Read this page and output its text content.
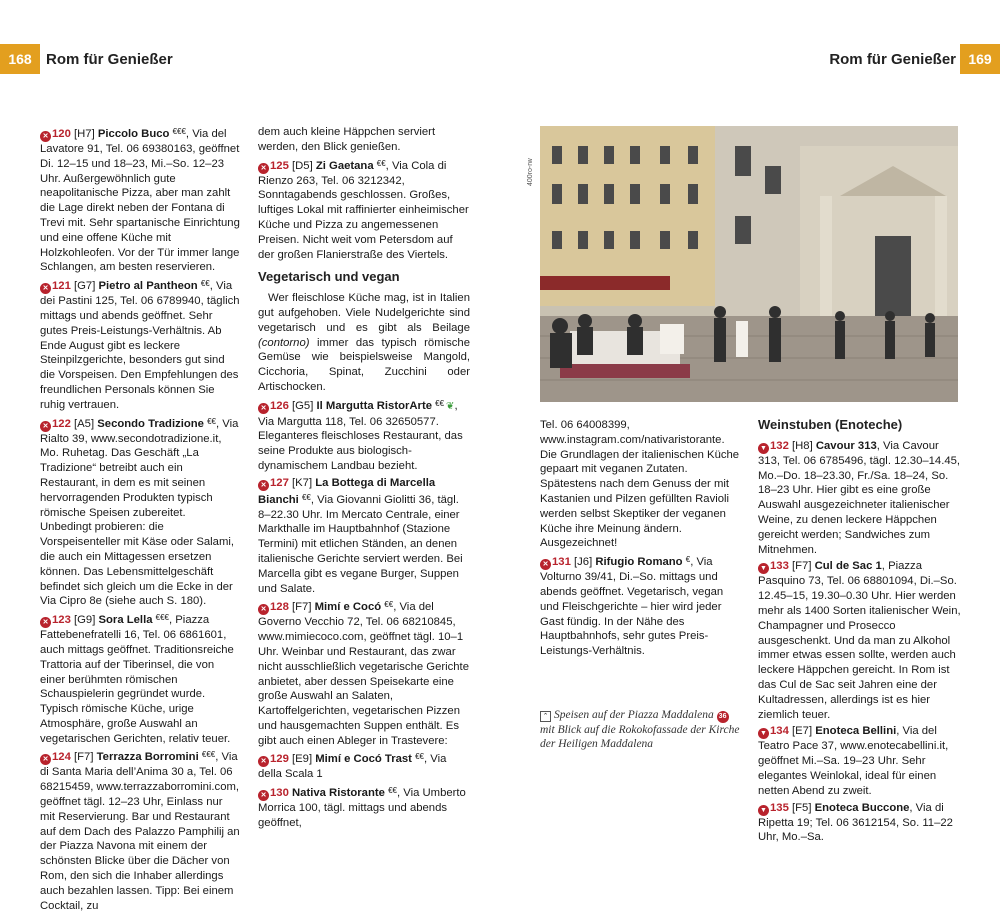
168 Rom für Genießer	Rom für Genießer 169

✕ 120 [H7] Piccolo Buco €€€, Via del Lavatore 91, Tel. 06 69380163, geöffnet Di. 12–15 und 18–23, Mi.–So. 12–23 Uhr. Außergewöhnlich gute neapolitanische Pizza, aber man zahlt die Lage direkt neben der Fontana di Trevi mit. Sehr spartanische Einrichtung und eine offene Küche mit Holzkohleofen. Vor der Tür immer lange Schlangen, am besten reservieren.

✕ 121 [G7] Pietro al Pantheon €€, Via dei Pastini 125, Tel. 06 6789940, täglich mittags und abends geöffnet. Sehr gutes Preis-Leistungs-Verhältnis. Ab Ende August gibt es leckere Steinpilzgerichte, besonders gut sind die Vorspeisen. Den Empfehlungen des freundlichen Personals können Sie ruhig vertrauen.

✕ 122 [A5] Secondo Tradizione €€, Via Rialto 39, www.secondotradizione.it, Mo. Ruhetag. Das Geschäft „La Tradizione“ betreibt auch ein Restaurant, in dem es mit seinen hervorragenden Produkten typisch römische Speisen zubereitet. Unbedingt probieren: die Vorspeisenteller mit Käse oder Salami, die auch ein Mittagessen ersetzen können. Das Lebensmittelgeschäft befindet sich gleich um die Ecke in der Via Cipro 8e (siehe auch S. 180).

✕ 123 [G9] Sora Lella €€€, Piazza Fattebenefratelli 16, Tel. 06 6861601, auch mittags geöffnet. Traditionsreiche Trattoria auf der Tiberinsel, die von einer berühmten römischen Schauspielerin gegründet wurde. Typisch römische Küche, urige Atmosphäre, große Auswahl an vegetarischen Gerichten, relativ teuer.

✕ 124 [F7] Terrazza Borromini €€€, Via di Santa Maria dell’Anima 30 a, Tel. 06 68215459, www.terrazzaborromini.com, geöffnet tägl. 12–23 Uhr, Einlass nur mit Reservierung. Bar und Restaurant auf dem Dach des Palazzo Pamphilij an der Piazza Navona mit einem der schönsten Blicke über die Dächer von Rom, den sich die Inhaber allerdings auch bezahlen lassen. Tipp: Bei einem Cocktail, zu

dem auch kleine Häppchen serviert werden, den Blick genießen.

✕ 125 [D5] Zi Gaetana €€, Via Cola di Rienzo 263, Tel. 06 3212342, Sonntagabends geschlossen. Großes, luftiges Lokal mit raffinierter einheimischer Küche und Pizza zu angemessenen Preisen. Nicht weit vom Petersdom auf der großen Flanierstraße des Viertels.

Vegetarisch und vegan

Wer fleischlose Küche mag, ist in Italien gut aufgehoben. Viele Nudelgerichte sind vegetarisch und es gibt als Beilage (contorno) immer das typisch römische Gemüse wie beispielsweise Mangold, Cicchoria, Spinat, Zucchini oder Artischocken.

✕ 126 [G5] Il Margutta RistorArte €€ ❦, Via Margutta 118, Tel. 06 32650577. Eleganteres fleischloses Restaurant, das seine Produkte aus biologisch-dynamischem Landbau bezieht.

✕ 127 [K7] La Bottega di Marcella Bianchi €€, Via Giovanni Giolitti 36, tägl. 8–22.30 Uhr. Im Mercato Centrale, einer Markthalle im Hauptbahnhof (Stazione Termini) mit etlichen Ständen, an denen italienische Gerichte serviert werden. Bei Marcella gibt es vegane Burger, Suppen und Salate.

✕ 128 [F7] Mimí e Cocó €€, Via del Governo Vecchio 72, Tel. 06 68210845, www.mimiecoco.com, geöffnet tägl. 10–1 Uhr. Weinbar und Restaurant, das zwar nicht ausschließlich vegetarische Gerichte anbietet, aber dessen Speisekarte eine große Auswahl an Salaten, Kartoffelgerichten, vegetarischen Pizzen und hausgemachten Suppen enthält. Es gibt auch einen Ableger in Trastevere:

✕ 129 [E9] Mimí e Cocó Trast €€, Via della Scala 1

✕ 130 Nativa Ristorante €€, Via Umberto Morrica 100, tägl. mittags und abends geöffnet,

400ro-rw
⌃ Speisen auf der Piazza Maddalena 36 mit Blick auf die Rokokofassade der Kirche der Heiligen Maddalena

Tel. 06 64008399, www.instagram.com/nativaristorante. Die Grundlagen der italienischen Küche gepaart mit veganen Zutaten. Spätestens nach dem Genuss der mit Kastanien und Pilzen gefüllten Ravioli werden selbst Skeptiker der veganen Küche ihre Meinung ändern. Ausgezeichnet!

✕ 131 [J6] Rifugio Romano €, Via Volturno 39/41, Di.–So. mittags und abends geöffnet. Vegetarisch, vegan und Fleischgerichte – hier wird jeder Gast fündig. In der Nähe des Hauptbahnhofs, sehr gutes Preis-Leistungs-Verhältnis.

Weinstuben (Enoteche)

▼ 132 [H8] Cavour 313, Via Cavour 313, Tel. 06 6785496, tägl. 12.30–14.45, Mo.–Do. 18–23.30, Fr./Sa. 18–24, So. 18–23 Uhr. Hier gibt es eine große Auswahl ausgezeichneter italienischer Weine, zu denen leckere Häppchen gereicht werden; Sandwiches zum Mitnehmen.

▼ 133 [F7] Cul de Sac 1, Piazza Pasquino 73, Tel. 06 68801094, Di.–So. 12.45–15, 19.30–0.30 Uhr. Hier werden mehr als 1400 Sorten italienischer Wein, Champagner und Prosecco ausgeschenkt. Und da man zu Alkohol immer etwas essen sollte, werden auch leckere Häppchen gereicht. In Rom ist das Cul de Sac seit Jahren eine der Kultadressen, allerdings ist es hier ziemlich teuer.

▼ 134 [E7] Enoteca Bellini, Via del Teatro Pace 37, www.enotecabellini.it, geöffnet Mi.–Sa. 19–23 Uhr. Sehr elegantes Weinlokal, ideal für einen netten Abend zu zweit.

▼ 135 [F5] Enoteca Buccone, Via di Ripetta 19; Tel. 06 3612154, So. 11–22 Uhr, Mo.–Sa.
